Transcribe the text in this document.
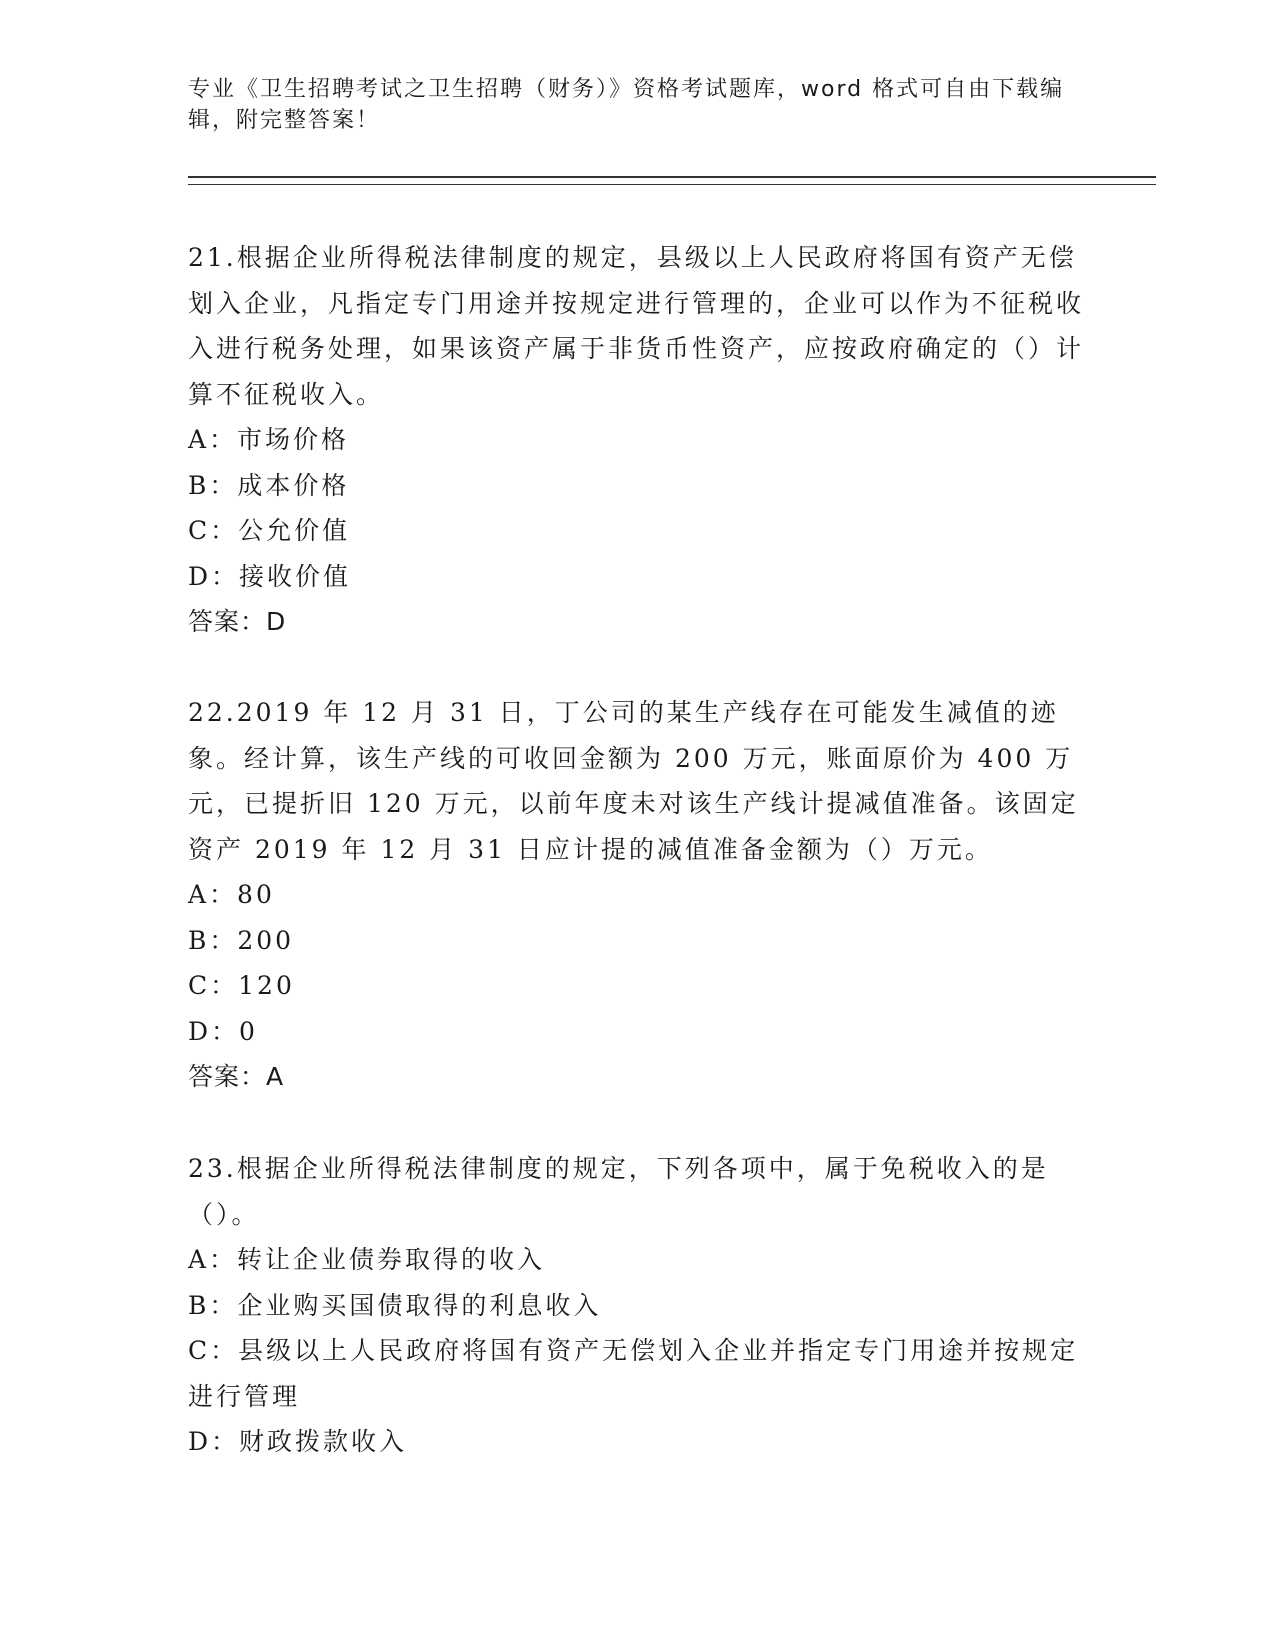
专业《卫生招聘考试之卫生招聘（财务）》资格考试题库，word 格式可自由下载编辑，附完整答案！

21.根据企业所得税法律制度的规定，县级以上人民政府将国有资产无偿划入企业，凡指定专门用途并按规定进行管理的，企业可以作为不征税收入进行税务处理，如果该资产属于非货币性资产，应按政府确定的（）计算不征税收入。

A：市场价格

B：成本价格

C：公允价值

D：接收价值

答案：D

22.2019 年 12 月 31 日，丁公司的某生产线存在可能发生减值的迹象。经计算，该生产线的可收回金额为 200 万元，账面原价为 400 万元，已提折旧 120 万元，以前年度未对该生产线计提减值准备。该固定资产 2019 年 12 月 31 日应计提的减值准备金额为（）万元。

A：80

B：200

C：120

D：0

答案：A

23.根据企业所得税法律制度的规定，下列各项中，属于免税收入的是（）。

A：转让企业债券取得的收入

B：企业购买国债取得的利息收入

C：县级以上人民政府将国有资产无偿划入企业并指定专门用途并按规定进行管理

D：财政拨款收入
